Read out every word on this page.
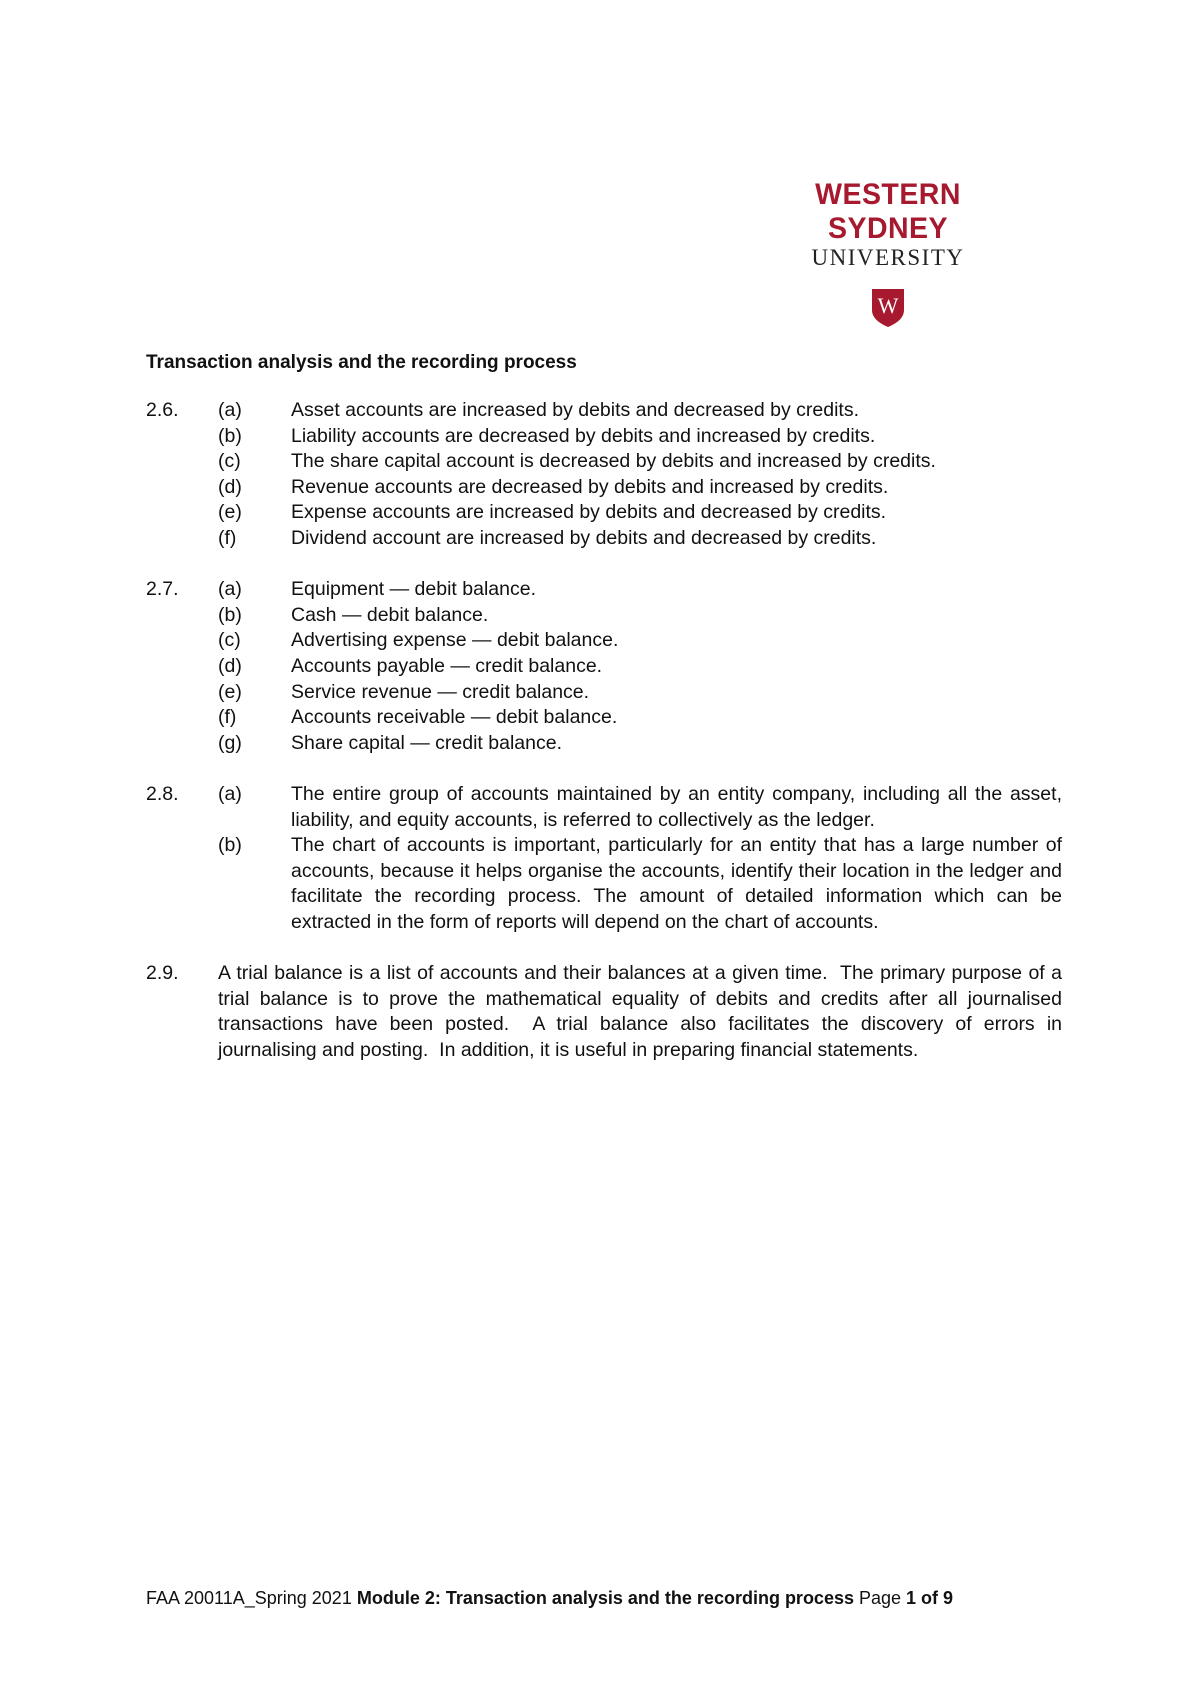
WESTERN SYDNEY
UNIVERSITY
W
Transaction analysis and the recording process
2.6.	(a)	Asset accounts are increased by debits and decreased by credits.
(b)	Liability accounts are decreased by debits and increased by credits.
(c)	The share capital account is decreased by debits and increased by credits.
(d)	Revenue accounts are decreased by debits and increased by credits.
(e)	Expense accounts are increased by debits and decreased by credits.
(f)	Dividend account are increased by debits and decreased by credits.
2.7.	(a)	Equipment — debit balance.
(b)	Cash — debit balance.
(c)	Advertising expense — debit balance.
(d)	Accounts payable — credit balance.
(e)	Service revenue — credit balance.
(f)	Accounts receivable — debit balance.
(g)	Share capital — credit balance.
2.8.	(a)	The entire group of accounts maintained by an entity company, including all the asset, liability, and equity accounts, is referred to collectively as the ledger.
(b)	The chart of accounts is important, particularly for an entity that has a large number of accounts, because it helps organise the accounts, identify their location in the ledger and facilitate the recording process. The amount of detailed information which can be extracted in the form of reports will depend on the chart of accounts.
2.9.	A trial balance is a list of accounts and their balances at a given time.  The primary purpose of a trial balance is to prove the mathematical equality of debits and credits after all journalised transactions have been posted.  A trial balance also facilitates the discovery of errors in journalising and posting.  In addition, it is useful in preparing financial statements.
FAA 20011A_Spring 2021 Module 2: Transaction analysis and the recording process Page 1 of 9
